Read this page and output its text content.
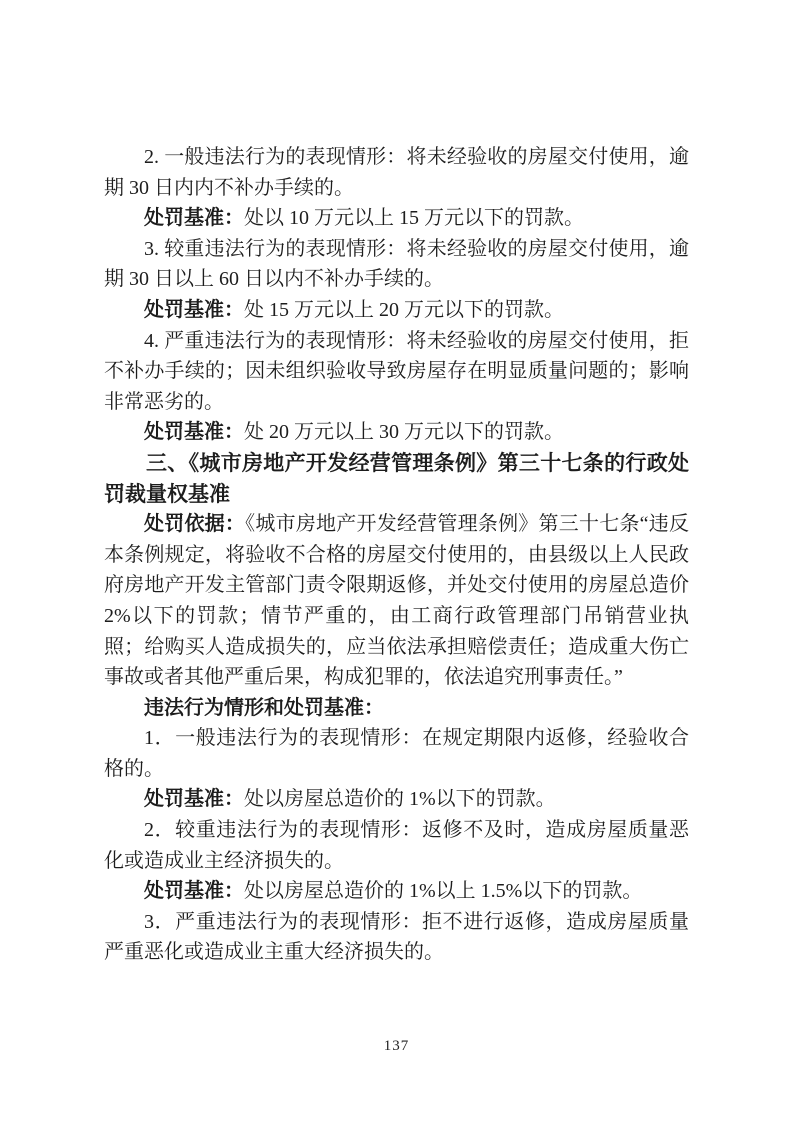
2. 一般违法行为的表现情形：将未经验收的房屋交付使用，逾期 30 日内内不补办手续的。

处罚基准：处以 10 万元以上 15 万元以下的罚款。

3. 较重违法行为的表现情形：将未经验收的房屋交付使用，逾期 30 日以上 60 日以内不补办手续的。

处罚基准：处 15 万元以上 20 万元以下的罚款。

4. 严重违法行为的表现情形：将未经验收的房屋交付使用，拒不补办手续的；因未组织验收导致房屋存在明显质量问题的；影响非常恶劣的。

处罚基准：处 20 万元以上 30 万元以下的罚款。

三、《城市房地产开发经营管理条例》第三十七条的行政处罚裁量权基准

处罚依据：《城市房地产开发经营管理条例》第三十七条“违反本条例规定，将验收不合格的房屋交付使用的，由县级以上人民政府房地产开发主管部门责令限期返修，并处交付使用的房屋总造价 2%以下的罚款；情节严重的，由工商行政管理部门吊销营业执照；给购买人造成损失的，应当依法承担赔偿责任；造成重大伤亡事故或者其他严重后果，构成犯罪的，依法追究刑事责任。”

违法行为情形和处罚基准：

1．一般违法行为的表现情形：在规定期限内返修，经验收合格的。

处罚基准：处以房屋总造价的 1%以下的罚款。

2．较重违法行为的表现情形：返修不及时，造成房屋质量恶化或造成业主经济损失的。

处罚基准：处以房屋总造价的 1%以上 1.5%以下的罚款。

3．严重违法行为的表现情形：拒不进行返修，造成房屋质量严重恶化或造成业主重大经济损失的。

137
